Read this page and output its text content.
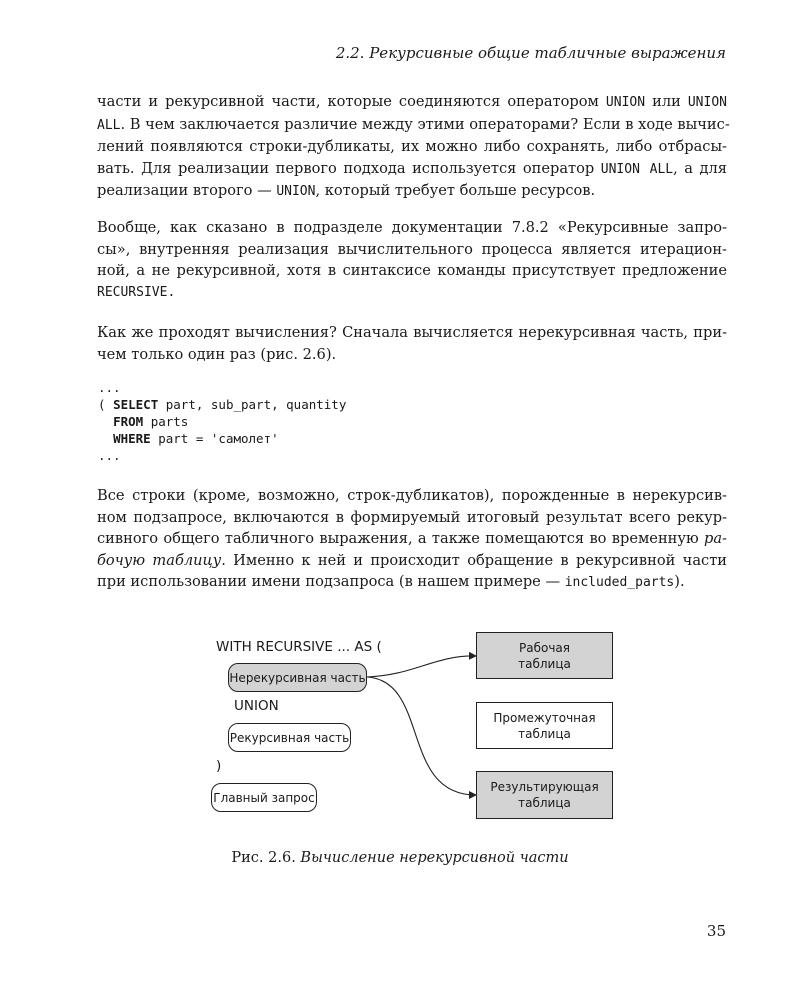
2.2. Рекурсивные общие табличные выражения

части и рекурсивной части, которые соединяются оператором UNION или UNION
ALL. В чем заключается различие между этими операторами? Если в ходе вычис-
лений появляются строки-дубликаты, их можно либо сохранять, либо отбрасы-
вать. Для реализации первого подхода используется оператор UNION ALL, а для
реализации второго — UNION, который требует больше ресурсов.

Вообще, как сказано в подразделе документации 7.8.2 «Рекурсивные запро-
сы», внутренняя реализация вычислительного процесса является итерацион-
ной, а не рекурсивной, хотя в синтаксисе команды присутствует предложение
RECURSIVE.

Как же проходят вычисления? Сначала вычисляется нерекурсивная часть, при-
чем только один раз (рис. 2.6).

...
( SELECT part, sub_part, quantity
FROM parts
WHERE part = 'самолет'
...

Все строки (кроме, возможно, строк-дубликатов), порожденные в нерекурсив-
ном подзапросе, включаются в формируемый итоговый результат всего рекур-
сивного общего табличного выражения, а также помещаются во временную ра-
бочую таблицу. Именно к ней и происходит обращение в рекурсивной части
при использовании имени подзапроса (в нашем примере — included_parts).

WITH RECURSIVE ... AS (
Нерекурсивная часть
UNION
Рекурсивная часть
)
Главный запрос
Рабочая
таблица
Промежуточная
таблица
Результирующая
таблица
Рис. 2.6. Вычисление нерекурсивной части
35
